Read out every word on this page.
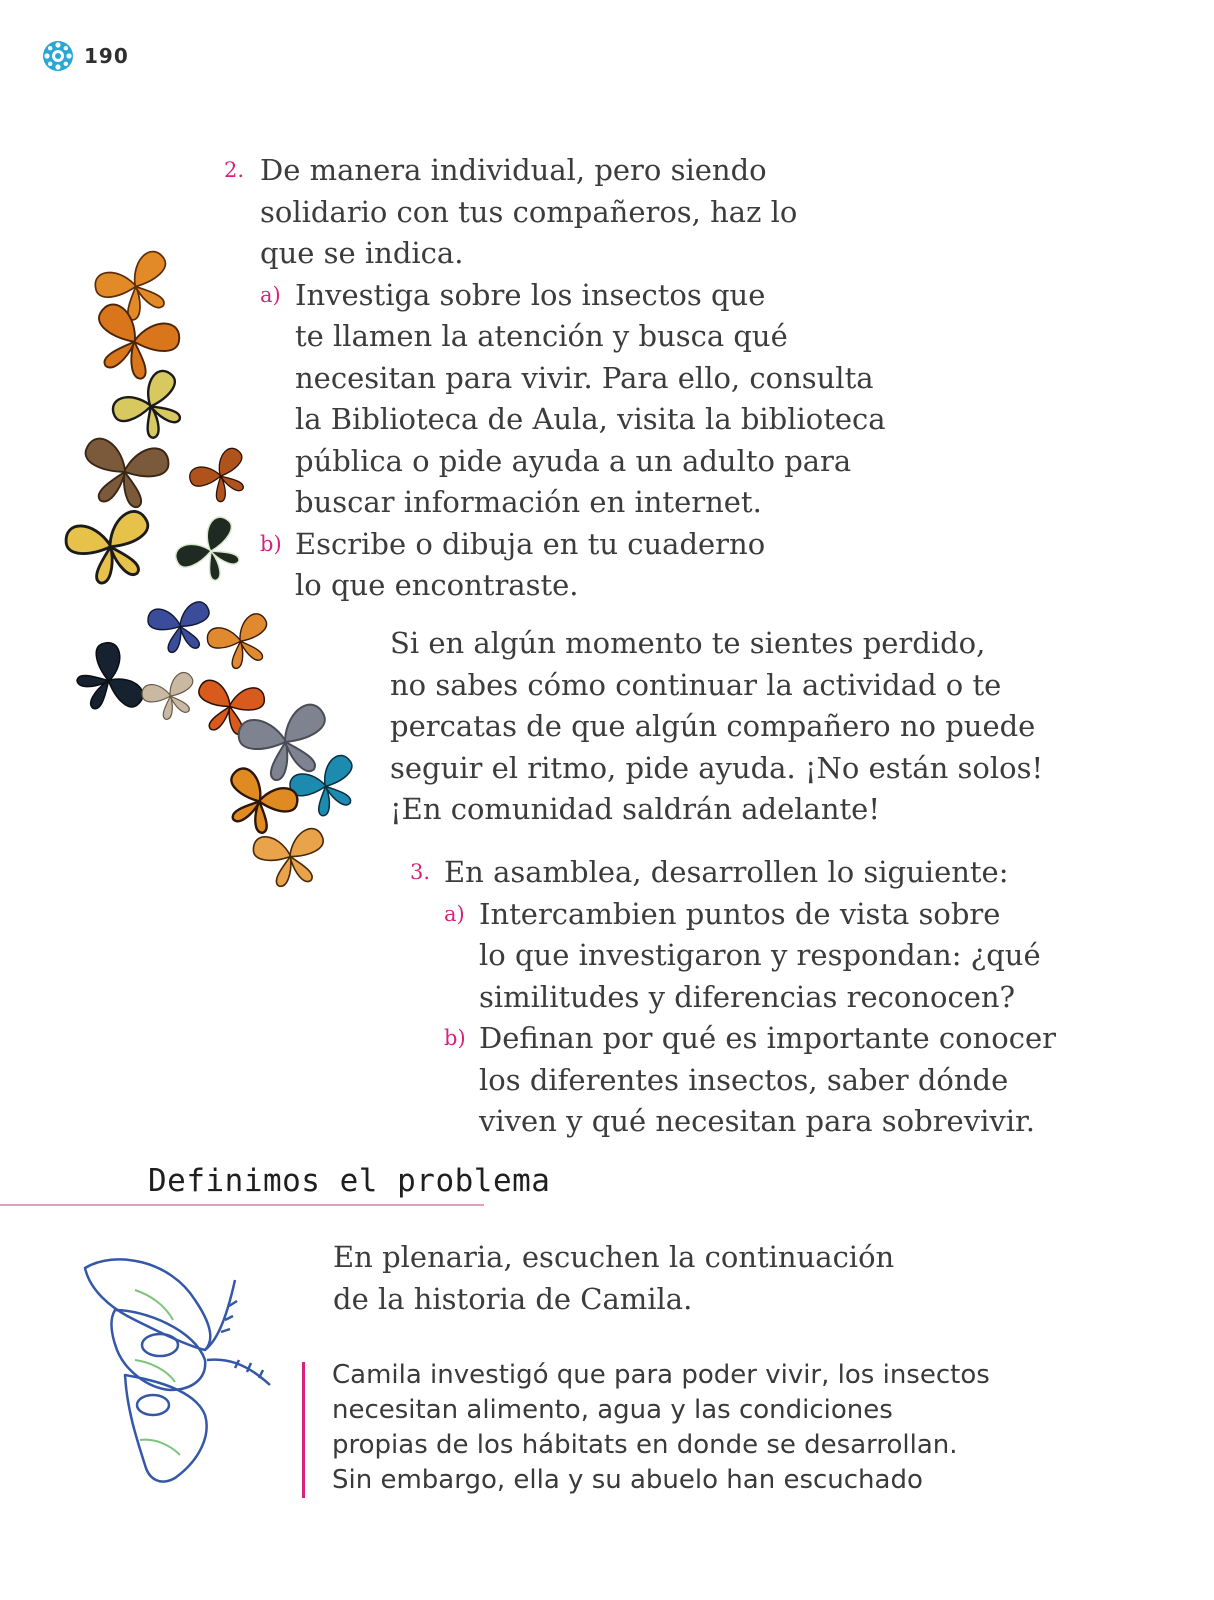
190
2. De manera individual, pero siendo
solidario con tus compañeros, haz lo
que se indica.
a) Investiga sobre los insectos que
te llamen la atención y busca qué
necesitan para vivir. Para ello, consulta
la Biblioteca de Aula, visita la biblioteca
pública o pide ayuda a un adulto para
buscar información en internet.
b) Escribe o dibuja en tu cuaderno
lo que encontraste.
Si en algún momento te sientes perdido,
no sabes cómo continuar la actividad o te
percatas de que algún compañero no puede
seguir el ritmo, pide ayuda. ¡No están solos!
¡En comunidad saldrán adelante!
3. En asamblea, desarrollen lo siguiente:
a) Intercambien puntos de vista sobre
lo que investigaron y respondan: ¿qué
similitudes y diferencias reconocen?
b) Definan por qué es importante conocer
los diferentes insectos, saber dónde
viven y qué necesitan para sobrevivir.
Definimos el problema
En plenaria, escuchen la continuación
de la historia de Camila.
Camila investigó que para poder vivir, los insectos
necesitan alimento, agua y las condiciones
propias de los hábitats en donde se desarrollan.
Sin embargo, ella y su abuelo han escuchado
